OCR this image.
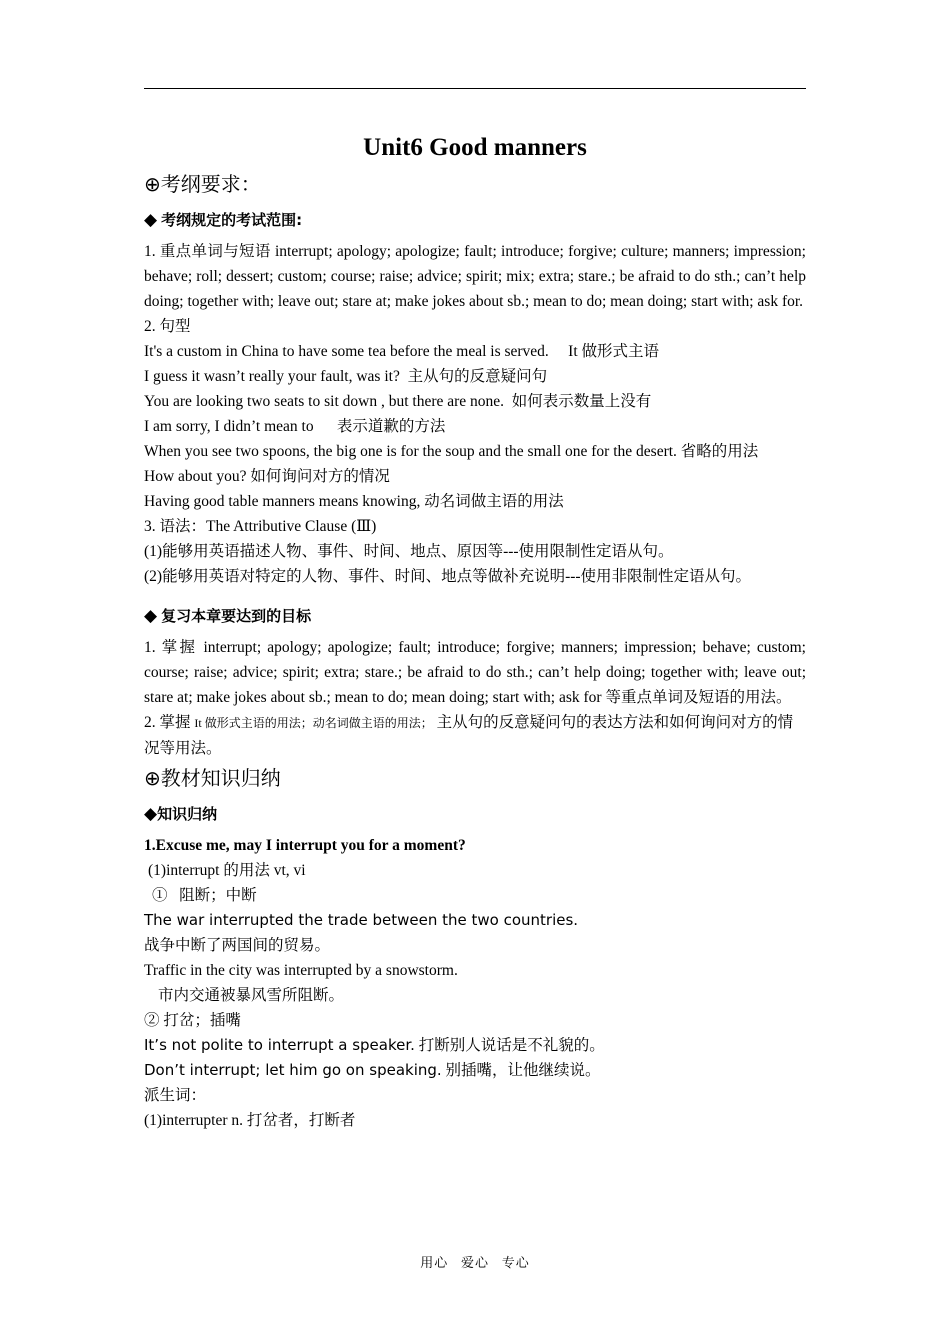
Unit6 Good manners
⊕考纲要求：
◆ 考纲规定的考试范围:

1. 重点单词与短语 interrupt; apology; apologize; fault; introduce; forgive; culture; manners; impression; behave; roll; dessert; custom; course; raise; advice; spirit; mix; extra; stare.; be afraid to do sth.; can’t help doing; together with; leave out; stare at; make jokes about sb.; mean to do; mean doing; start with; ask for.

2. 句型

It's a custom in China to have some tea before the meal is served.     It 做形式主语

I guess it wasn’t really your fault, was it?  主从句的反意疑问句

You are looking two seats to sit down , but there are none.  如何表示数量上没有

I am sorry, I didn’t mean to      表示道歉的方法

When you see two spoons, the big one is for the soup and the small one for the desert. 省略的用法

How about you? 如何询问对方的情况

Having good table manners means knowing, 动名词做主语的用法

3. 语法：The Attributive Clause (Ⅲ)

(1)能够用英语描述人物、事件、时间、地点、原因等---使用限制性定语从句。

(2)能够用英语对特定的人物、事件、时间、地点等做补充说明---使用非限制性定语从句。

◆ 复习本章要达到的目标

1. 掌握 interrupt; apology; apologize; fault; introduce; forgive; manners; impression; behave; custom; course; raise; advice; spirit; extra; stare.; be afraid to do sth.; can’t help doing; together with; leave out; stare at; make jokes about sb.; mean to do; mean doing; start with; ask for 等重点单词及短语的用法。

2. 掌握 It 做形式主语的用法；动名词做主语的用法； 主从句的反意疑问句的表达方法和如何询问对方的情况等用法。

⊕教材知识归纳
◆知识归纳

1.Excuse me, may I interrupt you for a moment?

(1)interrupt 的用法 vt, vi

①   阻断；中断

The war interrupted the trade between the two countries.

战争中断了两国间的贸易。

Traffic in the city was interrupted by a snowstorm.

市内交通被暴风雪所阻断。

② 打岔；插嘴

It’s not polite to interrupt a speaker. 打断别人说话是不礼貌的。

Don’t interrupt; let him go on speaking. 别插嘴，让他继续说。

派生词：

(1)interrupter n. 打岔者，打断者

用心   爱心   专心
